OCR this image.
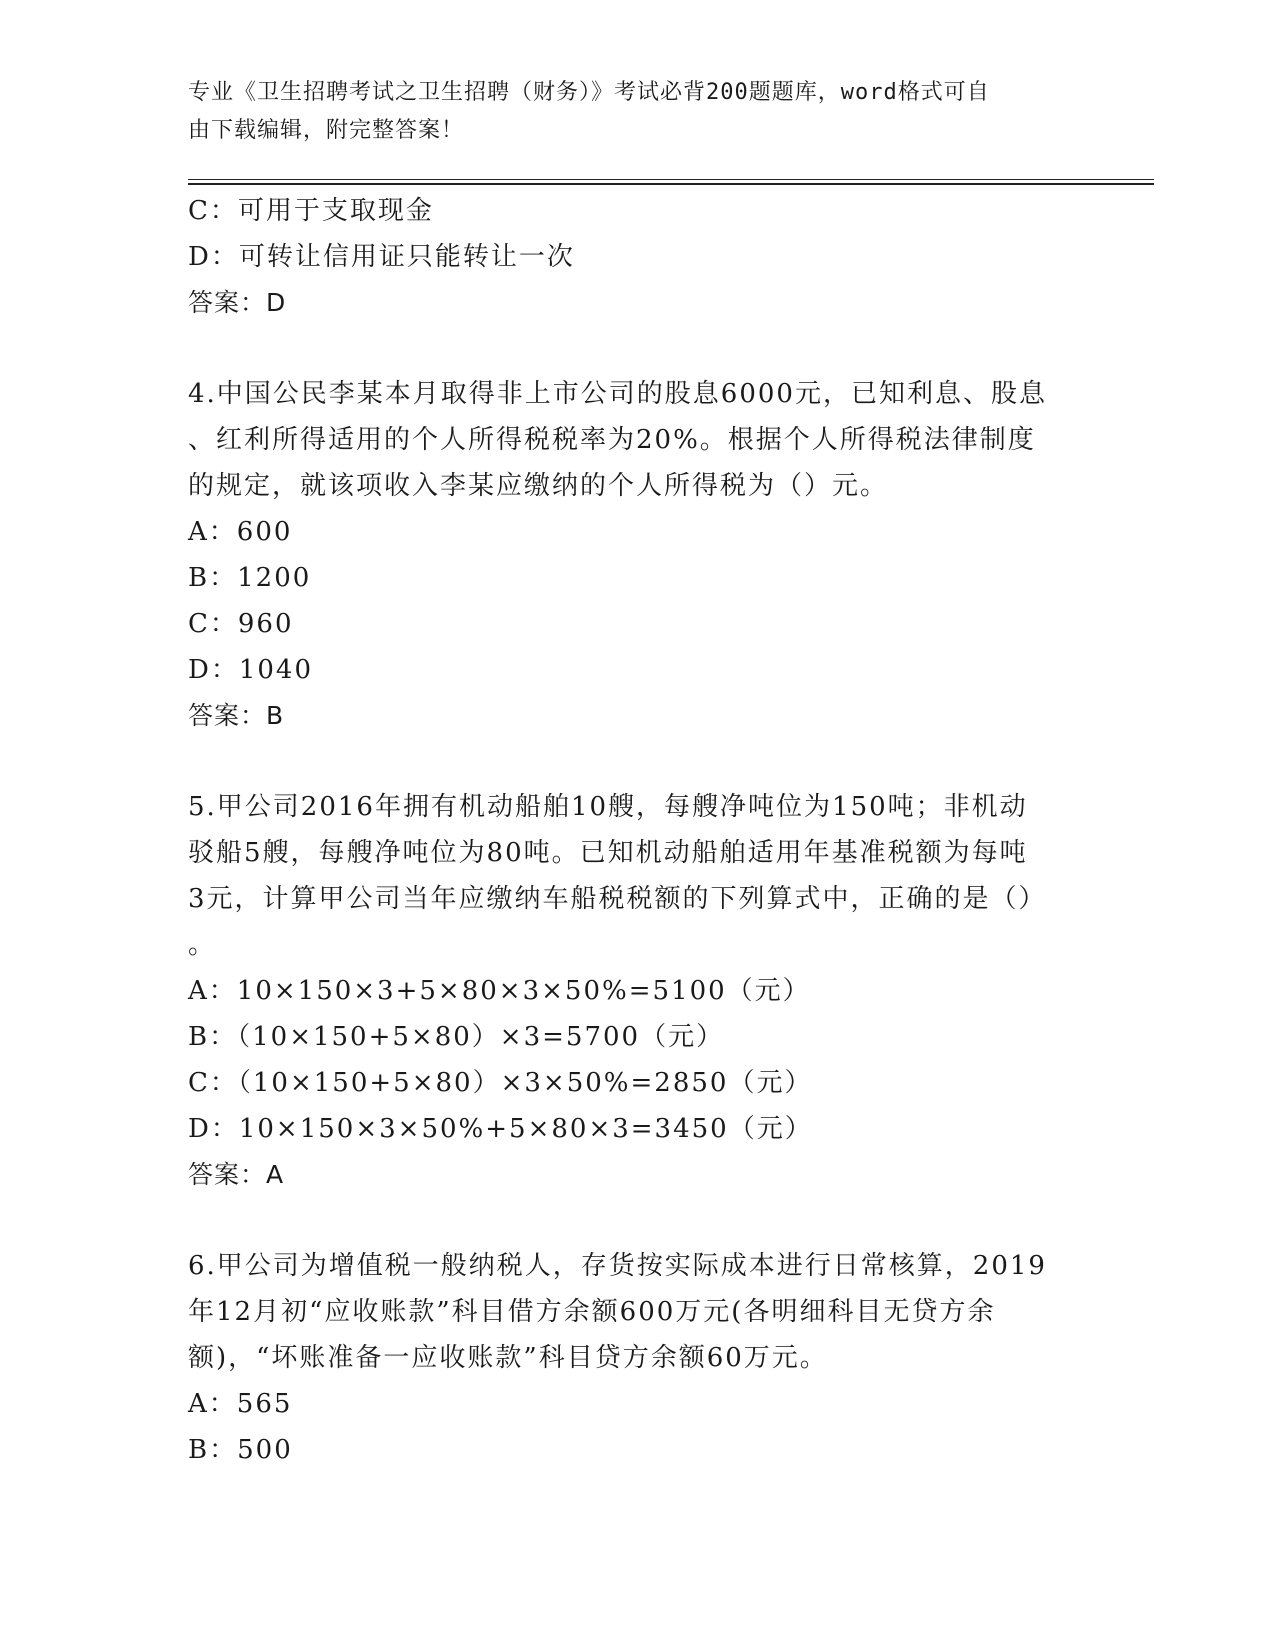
专业《卫生招聘考试之卫生招聘（财务）》考试必背200题题库，word格式可自
由下载编辑，附完整答案！
C：可用于支取现金
D：可转让信用证只能转让一次
答案：D
4.中国公民李某本月取得非上市公司的股息6000元，已知利息、股息
、红利所得适用的个人所得税税率为20%。根据个人所得税法律制度
的规定，就该项收入李某应缴纳的个人所得税为（）元。
A：600
B：1200
C：960
D：1040
答案：B
5.甲公司2016年拥有机动船舶10艘，每艘净吨位为150吨；非机动
驳船5艘，每艘净吨位为80吨。已知机动船舶适用年基准税额为每吨
3元，计算甲公司当年应缴纳车船税税额的下列算式中，正确的是（）
。
A：10×150×3+5×80×3×50%=5100（元）
B：（10×150+5×80）×3=5700（元）
C：（10×150+5×80）×3×50%=2850（元）
D：10×150×3×50%+5×80×3=3450（元）
答案：A
6.甲公司为增值税一般纳税人，存货按实际成本进行日常核算，2019
年12月初“应收账款”科目借方余额600万元(各明细科目无贷方余
额)，“坏账准备一应收账款”科目贷方余额60万元。
A：565
B：500
